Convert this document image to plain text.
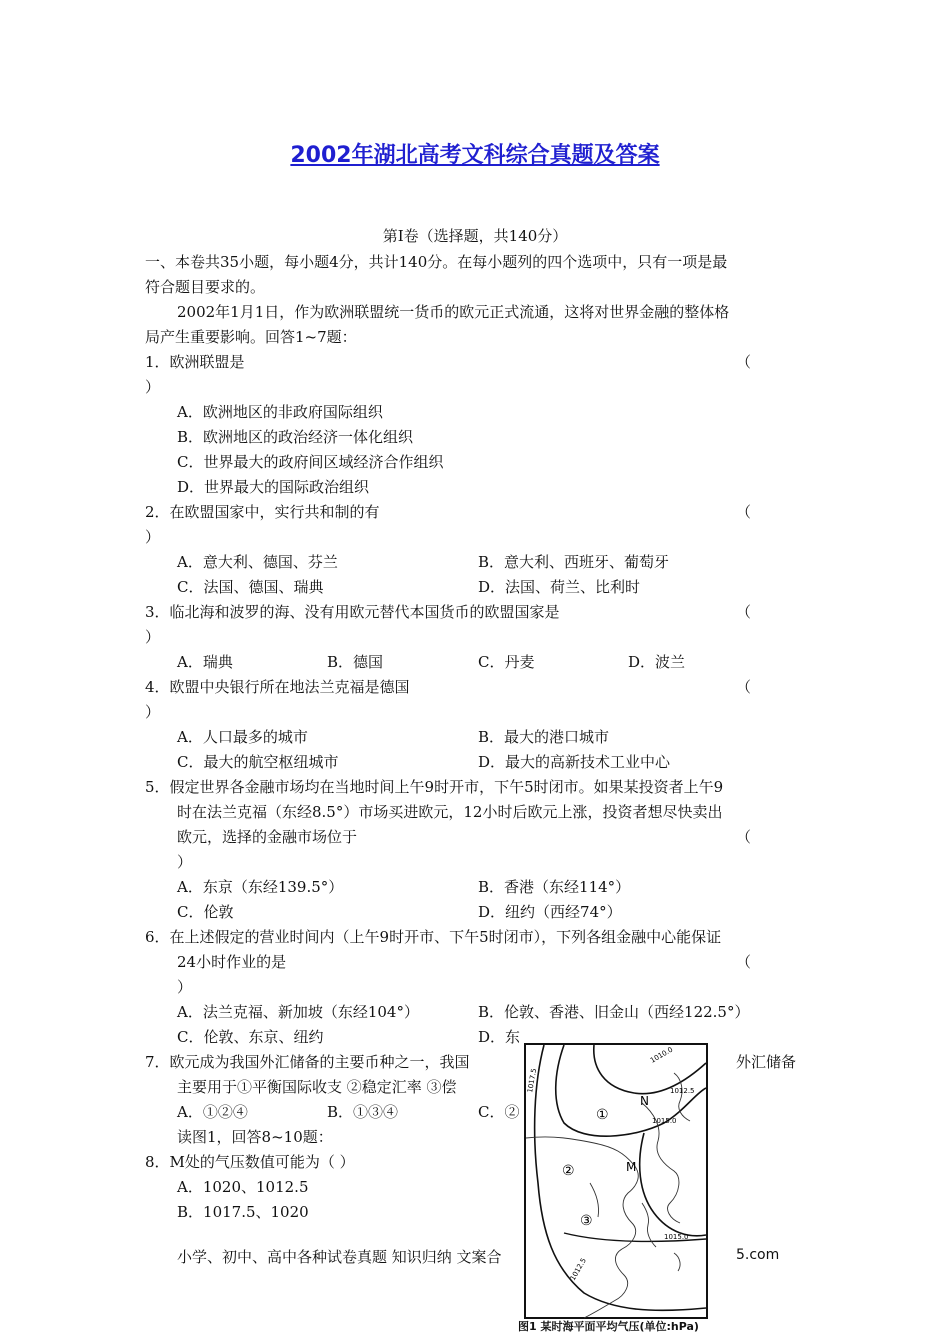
2002年湖北高考文科综合真题及答案
第Ⅰ卷（选择题，共140分）
一、本卷共35小题，每小题4分，共计140分。在每小题列的四个选项中，只有一项是最
符合题目要求的。
2002年1月1日，作为欧洲联盟统一货币的欧元正式流通，这将对世界金融的整体格
局产生重要影响。回答1~7题：
1．欧洲联盟是	（
）
A．欧洲地区的非政府国际组织
B．欧洲地区的政治经济一体化组织
C．世界最大的政府间区域经济合作组织
D．世界最大的国际政治组织
2．在欧盟国家中，实行共和制的有	（
）
A．意大利、德国、芬兰	B．意大利、西班牙、葡萄牙
C．法国、德国、瑞典	D．法国、荷兰、比利时
3．临北海和波罗的海、没有用欧元替代本国货币的欧盟国家是	（
）
A．瑞典	B．德国	C．丹麦	D．波兰
4．欧盟中央银行所在地法兰克福是德国	（
）
A．人口最多的城市	B．最大的港口城市
C．最大的航空枢纽城市	D．最大的高新技术工业中心
5．假定世界各金融市场均在当地时间上午9时开市，下午5时闭市。如果某投资者上午9
时在法兰克福（东经8.5°）市场买进欧元，12小时后欧元上涨，投资者想尽快卖出
欧元，选择的金融市场位于	（
）
A．东京（东经139.5°）	B．香港（东经114°）
C．伦敦	D．纽约（西经74°）
6．在上述假定的营业时间内（上午9时开市、下午5时闭市），下列各组金融中心能保证
24小时作业的是	（
）
A．法兰克福、新加坡（东经104°）	B．伦敦、香港、旧金山（西经122.5°）
C．伦敦、东京、纽约	D．东
7．欧元成为我国外汇储备的主要币种之一，我国	外汇储备
主要用于①平衡国际收支 ②稳定汇率 ③偿
A．①②④	B．①③④	C．②
读图1，回答8~10题：
8．M处的气压数值可能为（ ）
A．1020、1012.5
B．1017.5、1020
小学、初中、高中各种试卷真题 知识归纳 文案合	5.com
①
②
③
N
M
1010.0
1012.5
1015.0
1017.5
1015.0
1012.5
图1 某时海平面平均气压(单位:hPa)
